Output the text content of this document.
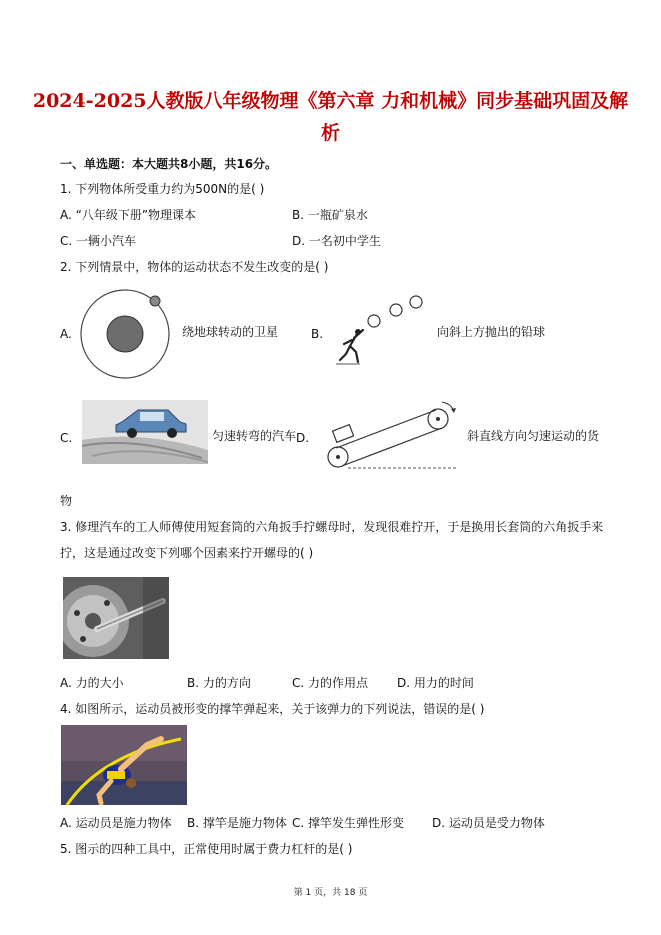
2024-2025人教版八年级物理《第六章 力和机械》同步基础巩固及解
析
一、单选题：本大题共8小题，共16分。
1. 下列物体所受重力约为500N的是( )
A. “八年级下册”物理课本	B. 一瓶矿泉水
C. 一辆小汽车	D. 一名初中学生
2. 下列情景中，物体的运动状态不发生改变的是( )
A.	绕地球转动的卫星	B.	向斜上方抛出的铅球
C.	匀速转弯的汽车 D.	斜直线方向匀速运动的货
物
3. 修理汽车的工人师傅使用短套筒的六角扳手拧螺母时，发现很难拧开，于是换用长套筒的六角扳手来
拧，这是通过改变下列哪个因素来拧开螺母的( )
A. 力的大小	B. 力的方向	C. 力的作用点 D. 用力的时间
4. 如图所示，运动员被形变的撑竿弹起来，关于该弹力的下列说法，错误的是( )
A. 运动员是施力物体 B. 撑竿是施力物体 C. 撑竿发生弹性形变 D. 运动员是受力物体
5. 图示的四种工具中，正常使用时属于费力杠杆的是( )
第 1 页，共 18 页
